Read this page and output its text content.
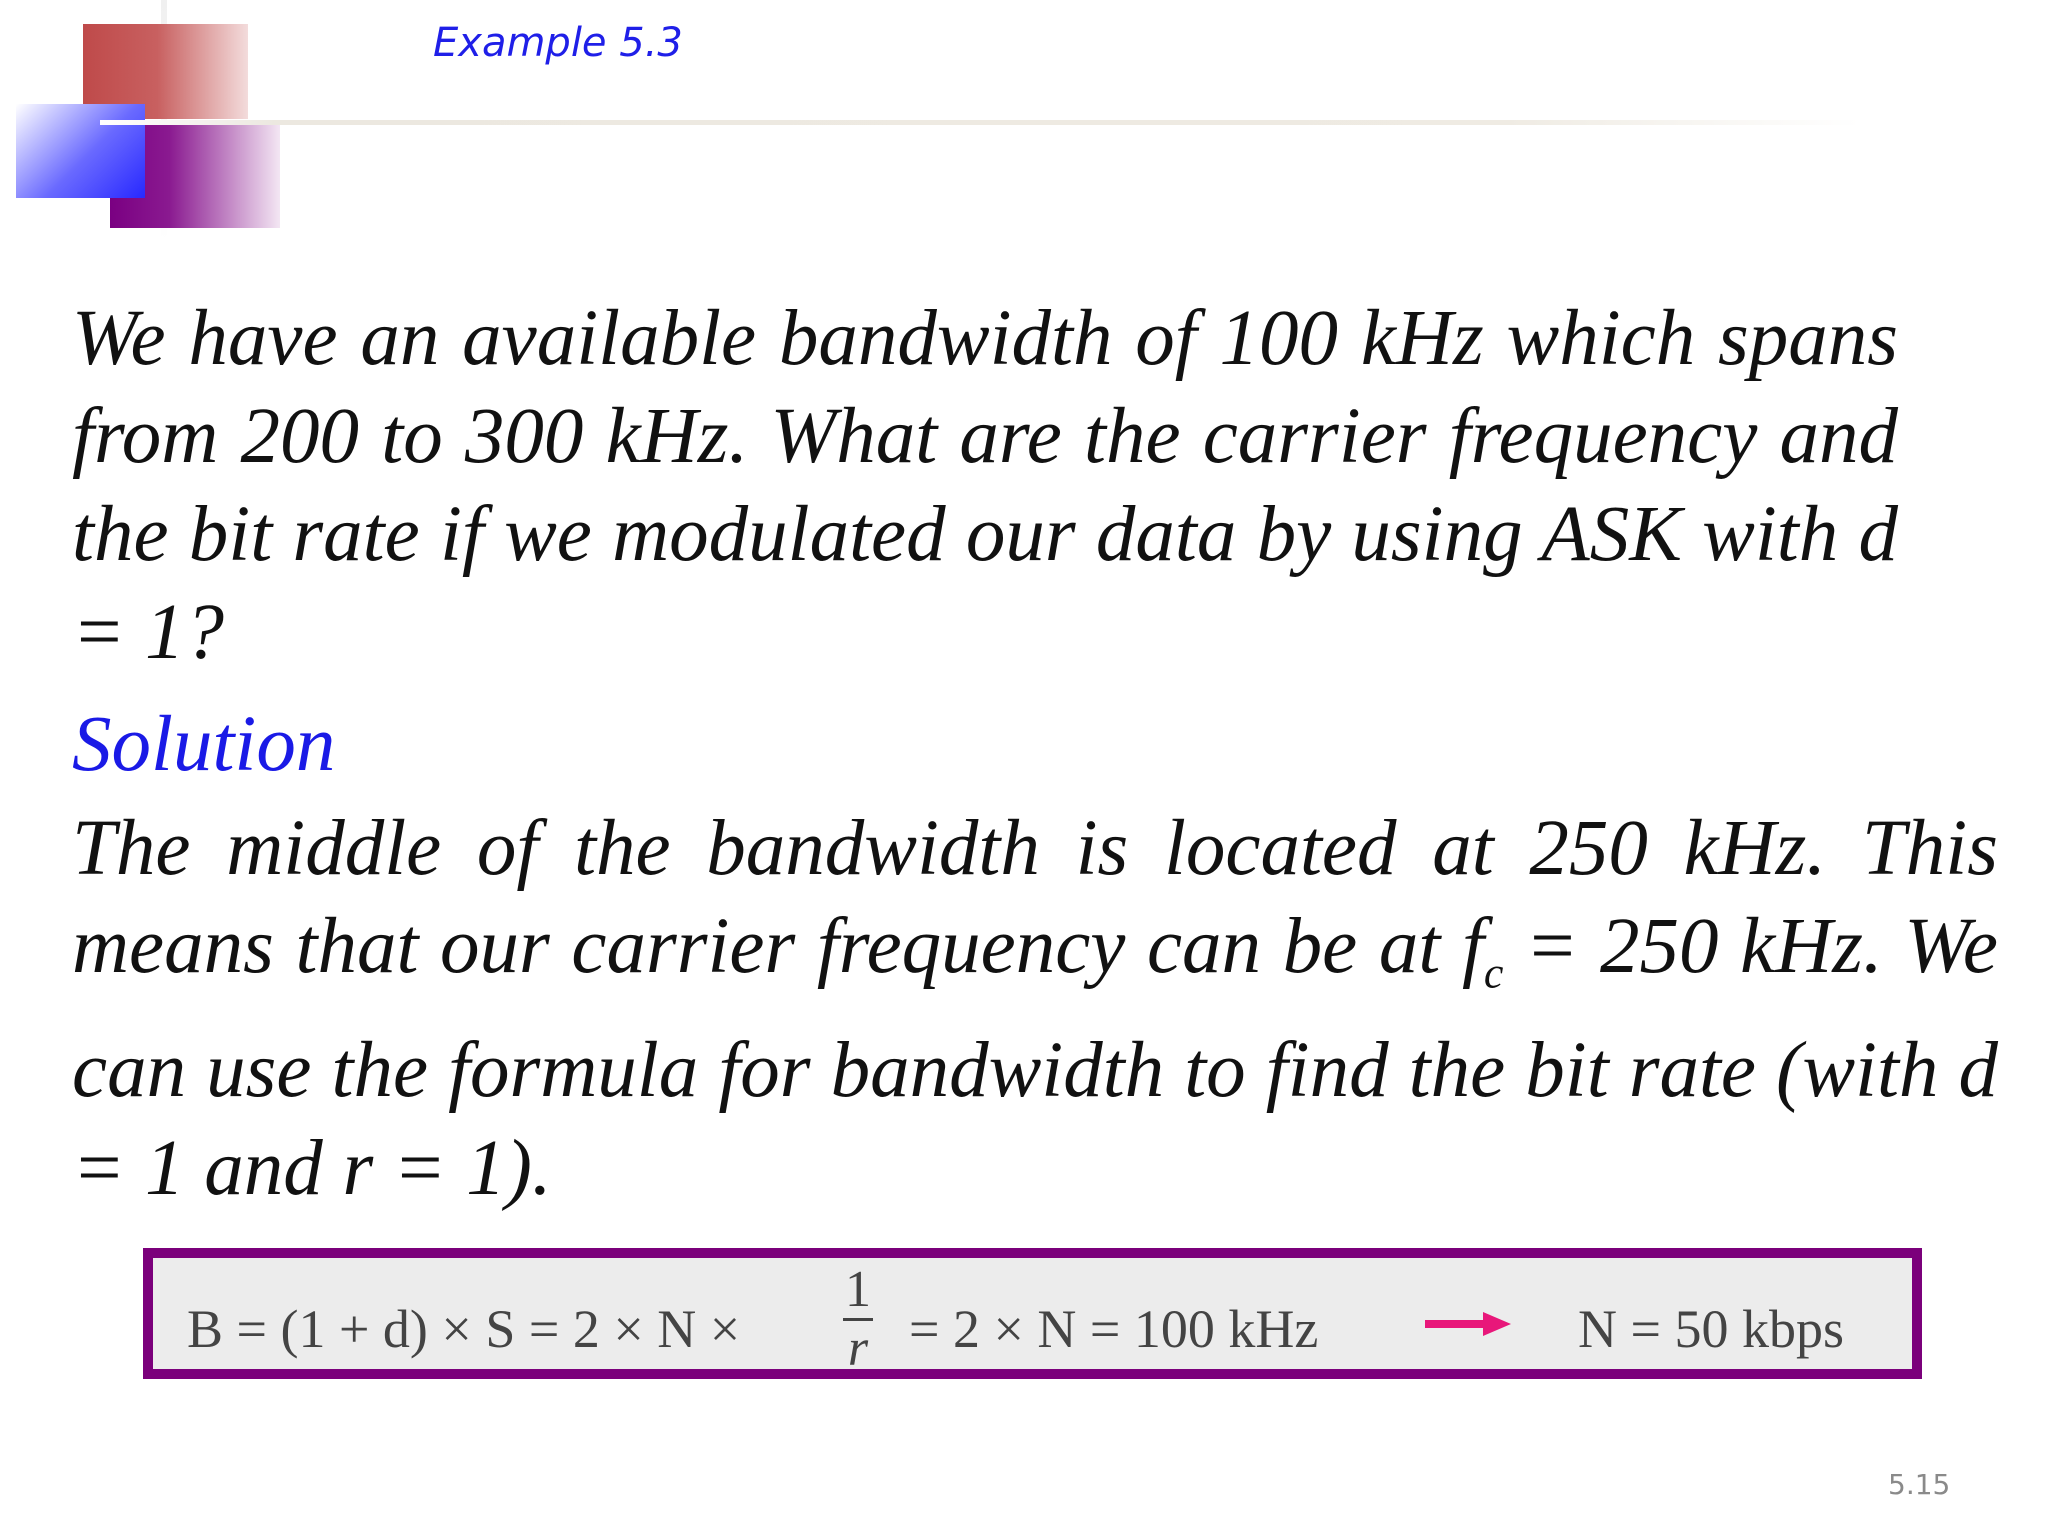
Example 5.3

We have an available bandwidth of 100 kHz which spans from 200 to 300 kHz. What are the carrier frequency and the bit rate if we modulated our data by using ASK with d = 1?

Solution

The middle of the bandwidth is located at 250 kHz. This means that our carrier frequency can be at $f_c = 250$ kHz. We can use the formula for bandwidth to find the bit rate (with d = 1 and r = 1).

B = (1 + d) × S = 2 × N ×
1
r = 2 × N = 100 kHz	N = 50 kbps
5.15
